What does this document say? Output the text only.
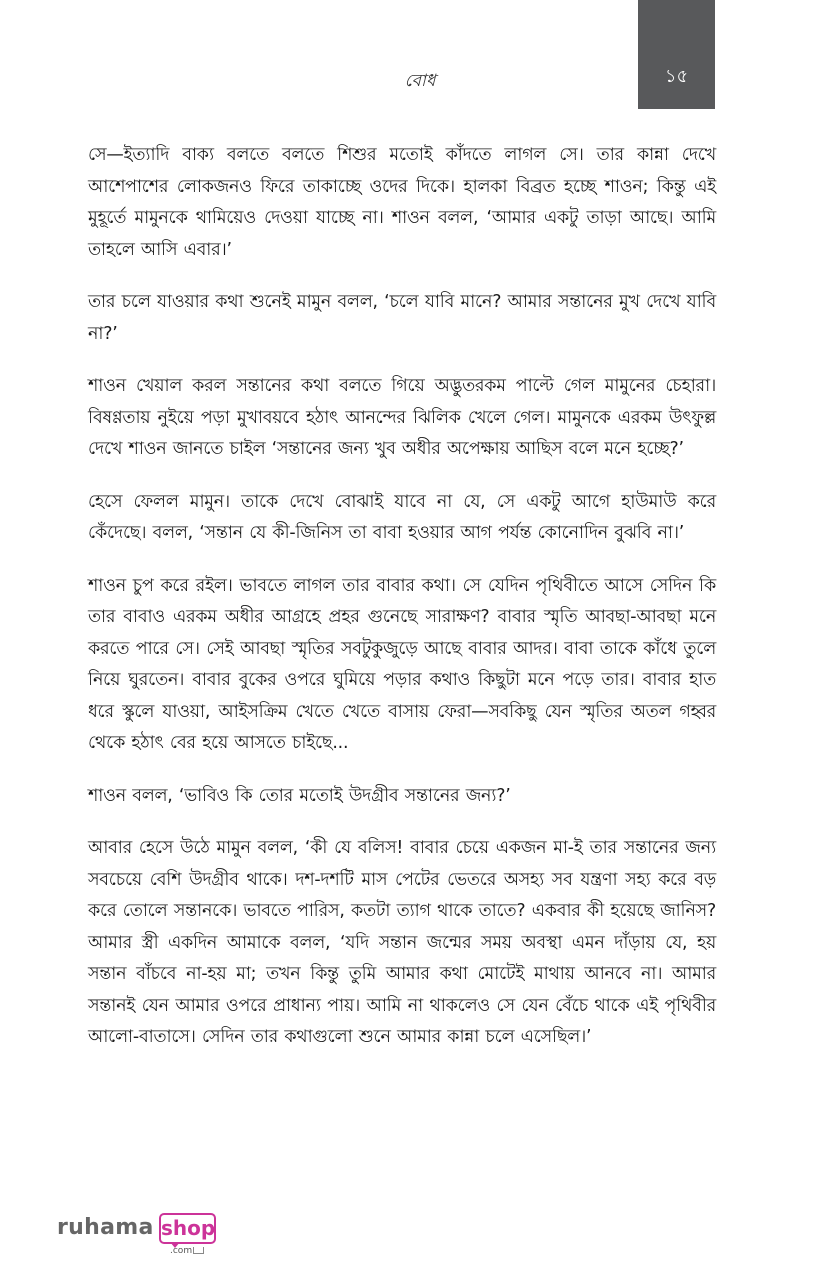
বোধ	১৫

সে—ইত্যাদি বাক্য বলতে বলতে শিশুর মতোই কাঁদতে লাগল সে। তার কান্না দেখে আশেপাশের লোকজনও ফিরে তাকাচ্ছে ওদের দিকে। হালকা বিব্রত হচ্ছে শাওন; কিন্তু এই মুহূর্তে মামুনকে থামিয়েও দেওয়া যাচ্ছে না। শাওন বলল, ‘আমার একটু তাড়া আছে। আমি তাহলে আসি এবার।’

তার চলে যাওয়ার কথা শুনেই মামুন বলল, ‘চলে যাবি মানে? আমার সন্তানের মুখ দেখে যাবি না?’

শাওন খেয়াল করল সন্তানের কথা বলতে গিয়ে অদ্ভুতরকম পাল্টে গেল মামুনের চেহারা। বিষণ্ণতায় নুইয়ে পড়া মুখাবয়বে হঠাৎ আনন্দের ঝিলিক খেলে গেল। মামুনকে এরকম উৎফুল্ল দেখে শাওন জানতে চাইল ‘সন্তানের জন্য খুব অধীর অপেক্ষায় আছিস বলে মনে হচ্ছে?’

হেসে ফেলল মামুন। তাকে দেখে বোঝাই যাবে না যে, সে একটু আগে হাউমাউ করে কেঁদেছে। বলল, ‘সন্তান যে কী-জিনিস তা বাবা হওয়ার আগ পর্যন্ত কোনোদিন বুঝবি না।’

শাওন চুপ করে রইল। ভাবতে লাগল তার বাবার কথা। সে যেদিন পৃথিবীতে আসে সেদিন কি তার বাবাও এরকম অধীর আগ্রহে প্রহর গুনেছে সারাক্ষণ? বাবার স্মৃতি আবছা-আবছা মনে করতে পারে সে। সেই আবছা স্মৃতির সবটুকুজুড়ে আছে বাবার আদর। বাবা তাকে কাঁধে তুলে নিয়ে ঘুরতেন। বাবার বুকের ওপরে ঘুমিয়ে পড়ার কথাও কিছুটা মনে পড়ে তার। বাবার হাত ধরে স্কুলে যাওয়া, আইসক্রিম খেতে খেতে বাসায় ফেরা—সবকিছু যেন স্মৃতির অতল গহ্বর থেকে হঠাৎ বের হয়ে আসতে চাইছে...

শাওন বলল, ‘ভাবিও কি তোর মতোই উদগ্রীব সন্তানের জন্য?’

আবার হেসে উঠে মামুন বলল, ‘কী যে বলিস! বাবার চেয়ে একজন মা-ই তার সন্তানের জন্য সবচেয়ে বেশি উদগ্রীব থাকে। দশ-দশটি মাস পেটের ভেতরে অসহ্য সব যন্ত্রণা সহ্য করে বড় করে তোলে সন্তানকে। ভাবতে পারিস, কতটা ত্যাগ থাকে তাতে? একবার কী হয়েছে জানিস? আমার স্ত্রী একদিন আমাকে বলল, ‘যদি সন্তান জন্মের সময় অবস্থা এমন দাঁড়ায় যে, হয় সন্তান বাঁচবে না-হয় মা; তখন কিন্তু তুমি আমার কথা মোটেই মাথায় আনবে না। আমার সন্তানই যেন আমার ওপরে প্রাধান্য পায়। আমি না থাকলেও সে যেন বেঁচে থাকে এই পৃথিবীর আলো-বাতাসে। সেদিন তার কথাগুলো শুনে আমার কান্না চলে এসেছিল।’

ruhama shop
.com
